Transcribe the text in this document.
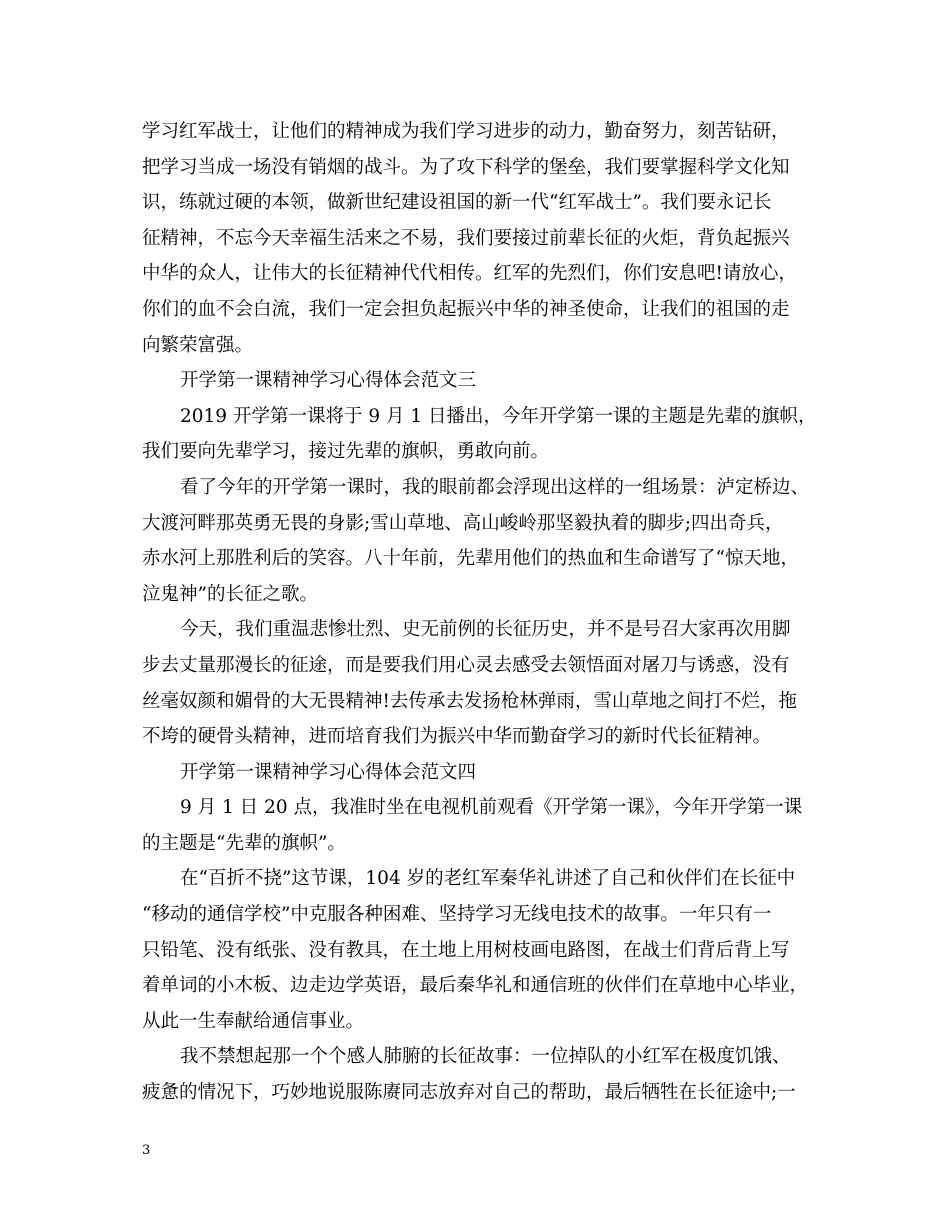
学习红军战士，让他们的精神成为我们学习进步的动力，勤奋努力，刻苦钻研，
把学习当成一场没有销烟的战斗。为了攻下科学的堡垒，我们要掌握科学文化知
识，练就过硬的本领，做新世纪建设祖国的新一代“红军战士”。我们要永记长
征精神，不忘今天幸福生活来之不易，我们要接过前辈长征的火炬，背负起振兴
中华的众人，让伟大的长征精神代代相传。红军的先烈们，你们安息吧!请放心，
你们的血不会白流，我们一定会担负起振兴中华的神圣使命，让我们的祖国的走
向繁荣富强。
开学第一课精神学习心得体会范文三
2019 开学第一课将于 9 月 1 日播出，今年开学第一课的主题是先辈的旗帜，
我们要向先辈学习，接过先辈的旗帜，勇敢向前。
看了今年的开学第一课时，我的眼前都会浮现出这样的一组场景：泸定桥边、
大渡河畔那英勇无畏的身影;雪山草地、高山峻岭那坚毅执着的脚步;四出奇兵，
赤水河上那胜利后的笑容。八十年前，先辈用他们的热血和生命谱写了“惊天地，
泣鬼神”的长征之歌。
今天，我们重温悲惨壮烈、史无前例的长征历史，并不是号召大家再次用脚
步去丈量那漫长的征途，而是要我们用心灵去感受去领悟面对屠刀与诱惑，没有
丝毫奴颜和媚骨的大无畏精神!去传承去发扬枪林弹雨，雪山草地之间打不烂，拖
不垮的硬骨头精神，进而培育我们为振兴中华而勤奋学习的新时代长征精神。
开学第一课精神学习心得体会范文四
9 月 1 日 20 点，我准时坐在电视机前观看《开学第一课》，今年开学第一课
的主题是“先辈的旗帜”。
在“百折不挠”这节课，104 岁的老红军秦华礼讲述了自己和伙伴们在长征中
“移动的通信学校”中克服各种困难、坚持学习无线电技术的故事。一年只有一
只铅笔、没有纸张、没有教具，在土地上用树枝画电路图，在战士们背后背上写
着单词的小木板、边走边学英语，最后秦华礼和通信班的伙伴们在草地中心毕业，
从此一生奉献给通信事业。
我不禁想起那一个个感人肺腑的长征故事：一位掉队的小红军在极度饥饿、
疲惫的情况下，巧妙地说服陈赓同志放弃对自己的帮助，最后牺牲在长征途中;一
3
